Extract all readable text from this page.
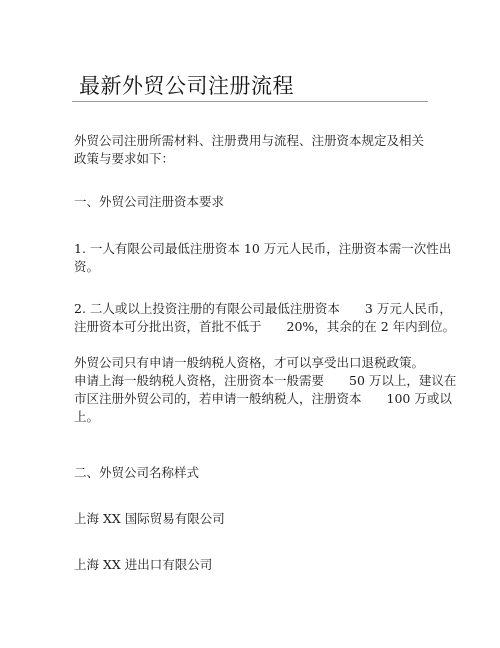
最新外贸公司注册流程
外贸公司注册所需材料、注册费用与流程、注册资本规定及相关
政策与要求如下：
一、外贸公司注册资本要求
1. 一人有限公司最低注册资本 10 万元人民币，注册资本需一次性出
资。
2. 二人或以上投资注册的有限公司最低注册资本　　3 万元人民币，
注册资本可分批出资，首批不低于　　20%，其余的在 2 年内到位。
外贸公司只有申请一般纳税人资格，才可以享受出口退税政策。
申请上海一般纳税人资格，注册资本一般需要　　50 万以上，建议在
市区注册外贸公司的，若申请一般纳税人，注册资本　　100 万或以
上。
二、外贸公司名称样式
上海 XX 国际贸易有限公司
上海 XX 进出口有限公司
